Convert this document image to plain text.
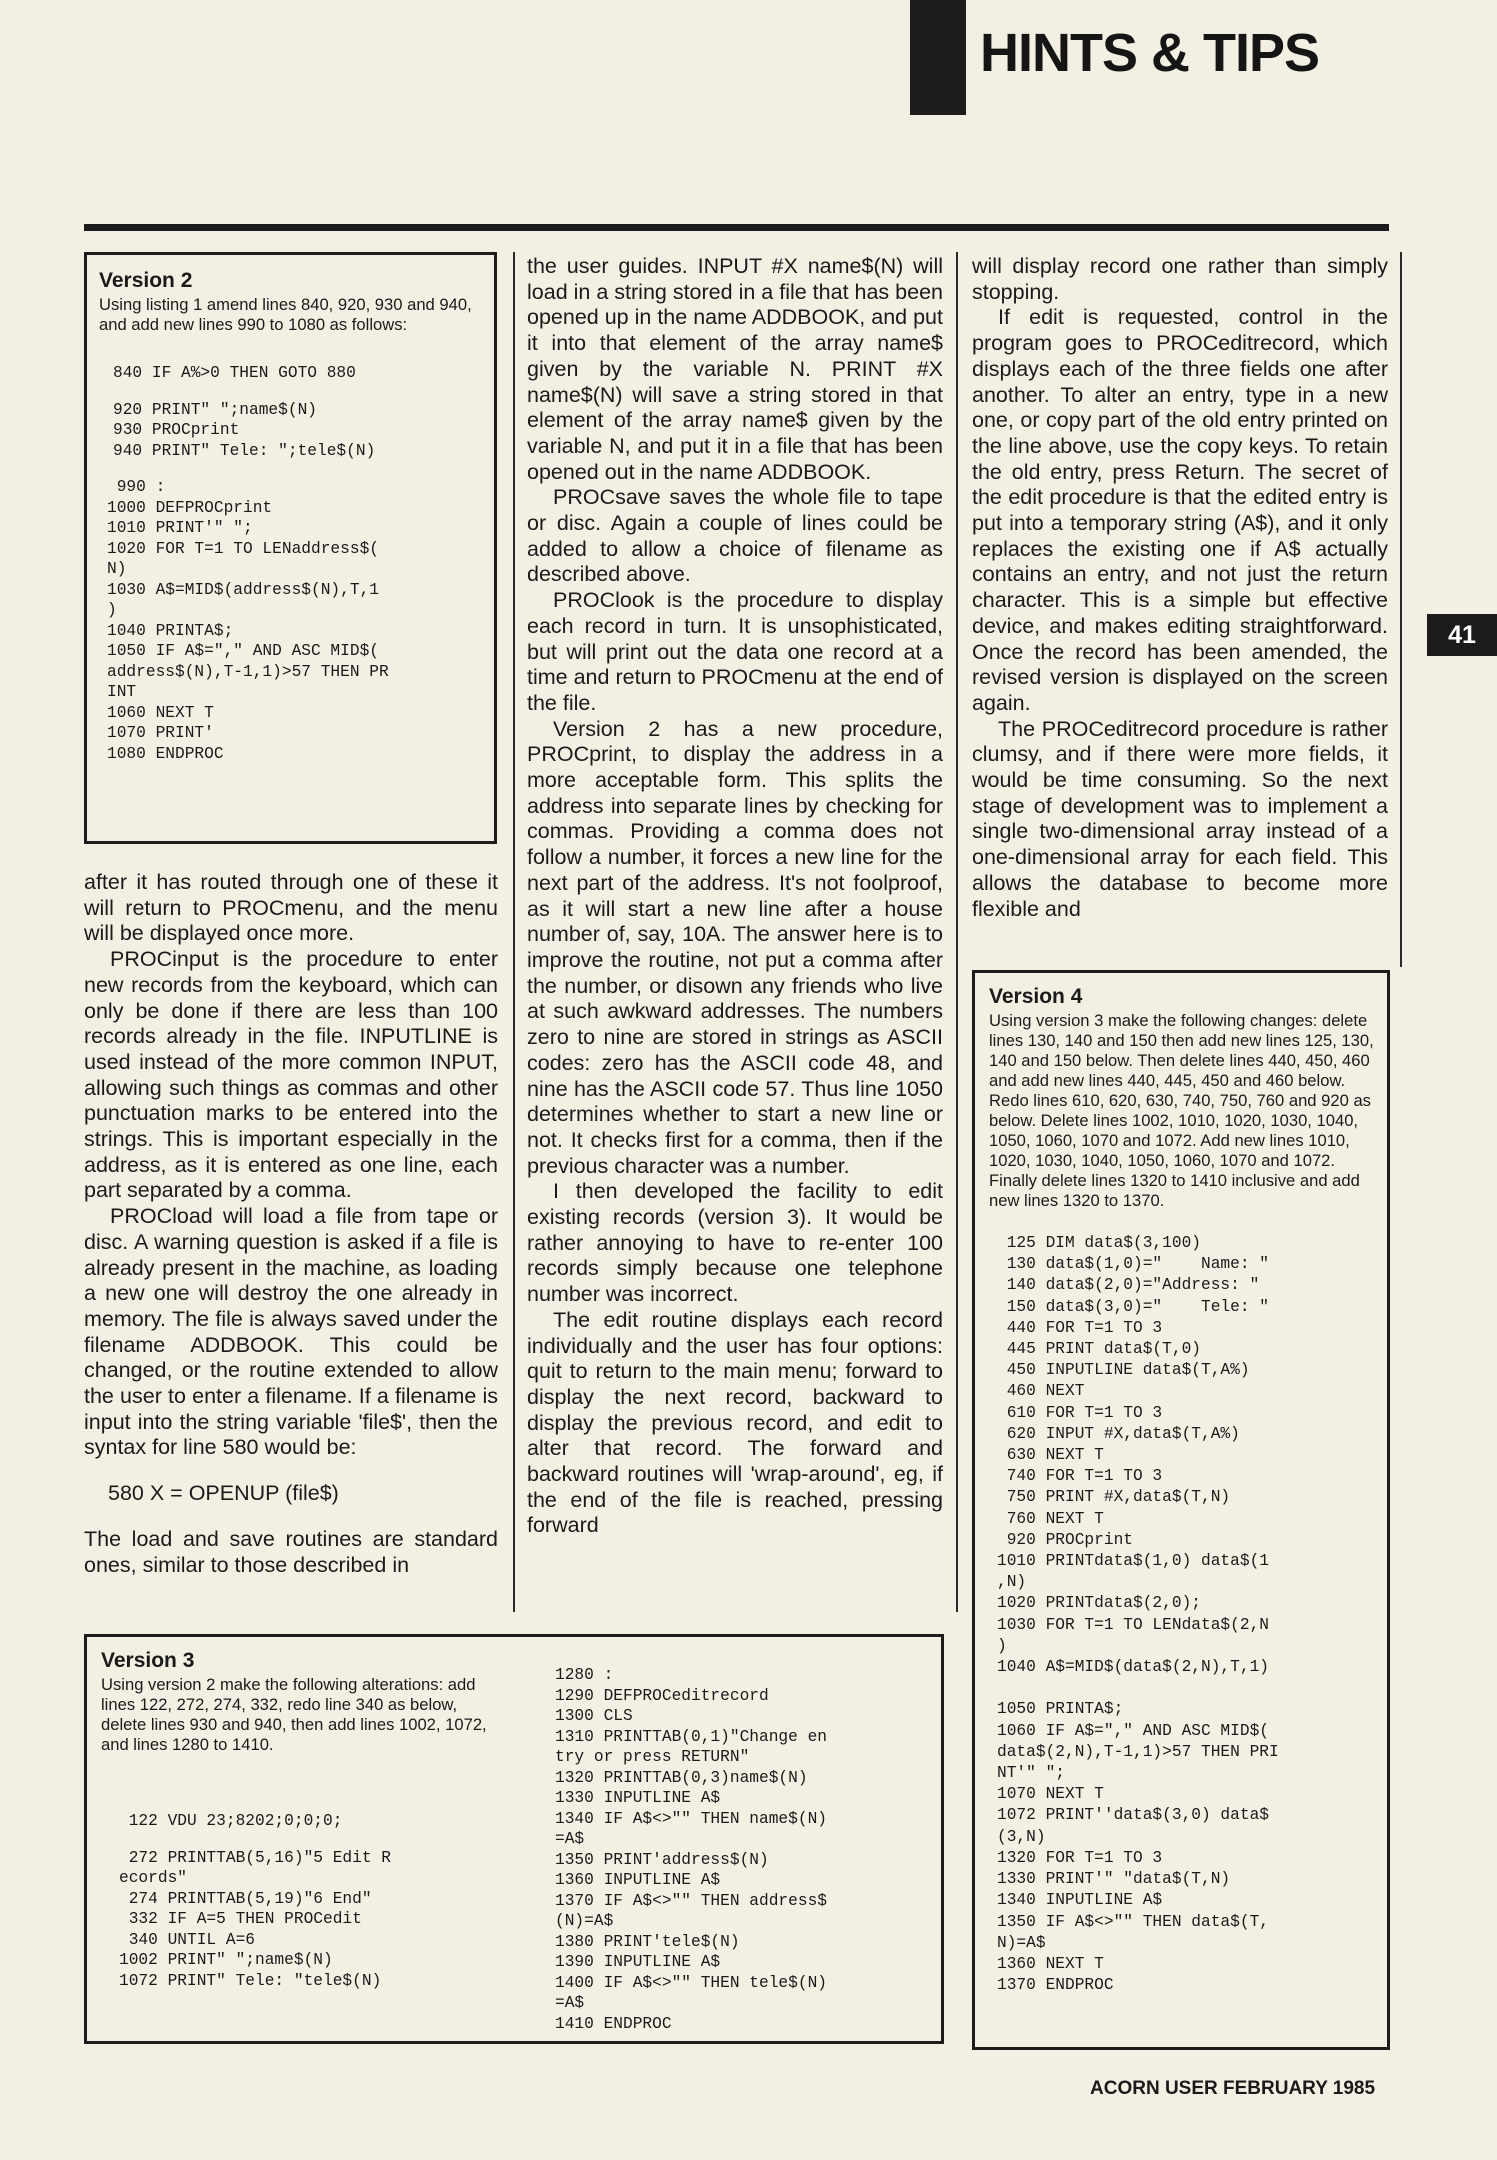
HINTS & TIPS
41
Version 2
Using listing 1 amend lines 840, 920, 930 and 940, and add new lines 990 to 1080 as follows:
840 IF A%>0 THEN GOTO 880
920 PRINT" ";name$(N)
930 PROCprint
940 PRINT" Tele: ";tele$(N)
990 :
1000 DEFPROCprint
1010 PRINT'" ";
1020 FOR T=1 TO LENaddress$(
N)
1030 A$=MID$(address$(N),T,1
)
1040 PRINTA$;
1050 IF A$="," AND ASC MID$(
address$(N),T-1,1)>57 THEN PR
INT
1060 NEXT T
1070 PRINT'
1080 ENDPROC

after it has routed through one of these it will return to PROCmenu, and the menu will be displayed once more.

PROCinput is the procedure to enter new records from the keyboard, which can only be done if there are less than 100 records already in the file. INPUTLINE is used instead of the more common INPUT, allowing such things as commas and other punctuation marks to be entered into the strings. This is important especially in the address, as it is entered as one line, each part separated by a comma.

PROCload will load a file from tape or disc. A warning question is asked if a file is already present in the machine, as loading a new one will destroy the one already in memory. The file is always saved under the filename ADDBOOK. This could be changed, or the routine extended to allow the user to enter a filename. If a filename is input into the string variable 'file$', then the syntax for line 580 would be:

580 X = OPENUP (file$)

The load and save routines are standard ones, similar to those described in

the user guides. INPUT #X name$(N) will load in a string stored in a file that has been opened up in the name ADDBOOK, and put it into that element of the array name$ given by the variable N. PRINT #X name$(N) will save a string stored in that element of the array name$ given by the variable N, and put it in a file that has been opened out in the name ADDBOOK.

PROCsave saves the whole file to tape or disc. Again a couple of lines could be added to allow a choice of filename as described above.

PROClook is the procedure to display each record in turn. It is unsophisticated, but will print out the data one record at a time and return to PROCmenu at the end of the file.

Version 2 has a new procedure, PROCprint, to display the address in a more acceptable form. This splits the address into separate lines by checking for commas. Providing a comma does not follow a number, it forces a new line for the next part of the address. It's not foolproof, as it will start a new line after a house number of, say, 10A. The answer here is to improve the routine, not put a comma after the number, or disown any friends who live at such awkward addresses. The numbers zero to nine are stored in strings as ASCII codes: zero has the ASCII code 48, and nine has the ASCII code 57. Thus line 1050 determines whether to start a new line or not. It checks first for a comma, then if the previous character was a number.

I then developed the facility to edit existing records (version 3). It would be rather annoying to have to re-enter 100 records simply because one telephone number was incorrect.

The edit routine displays each record individually and the user has four options: quit to return to the main menu; forward to display the next record, backward to display the previous record, and edit to alter that record. The forward and backward routines will 'wrap-around', eg, if the end of the file is reached, pressing forward

will display record one rather than simply stopping.

If edit is requested, control in the program goes to PROCeditrecord, which displays each of the three fields one after another. To alter an entry, type in a new one, or copy part of the old entry printed on the line above, use the copy keys. To retain the old entry, press Return. The secret of the edit procedure is that the edited entry is put into a temporary string (A$), and it only replaces the existing one if A$ actually contains an entry, and not just the return character. This is a simple but effective device, and makes editing straightforward. Once the record has been amended, the revised version is displayed on the screen again.

The PROCeditrecord procedure is rather clumsy, and if there were more fields, it would be time consuming. So the next stage of development was to implement a single two-dimensional array instead of a one-dimensional array for each field. This allows the database to become more flexible and

Version 3
Using version 2 make the following alterations: add lines 122, 272, 274, 332, redo line 340 as below, delete lines 930 and 940, then add lines 1002, 1072, and lines 1280 to 1410.
122 VDU 23;8202;0;0;0;
272 PRINTTAB(5,16)"5 Edit R
ecords"
274 PRINTTAB(5,19)"6 End"
332 IF A=5 THEN PROCedit
340 UNTIL A=6
1002 PRINT" ";name$(N)
1072 PRINT" Tele: "tele$(N)
1280 :
1290 DEFPROCeditrecord
1300 CLS
1310 PRINTTAB(0,1)"Change en
try or press RETURN"
1320 PRINTTAB(0,3)name$(N)
1330 INPUTLINE A$
1340 IF A$<>"" THEN name$(N)
=A$
1350 PRINT'address$(N)
1360 INPUTLINE A$
1370 IF A$<>"" THEN address$
(N)=A$
1380 PRINT'tele$(N)
1390 INPUTLINE A$
1400 IF A$<>"" THEN tele$(N)
=A$
1410 ENDPROC
Version 4
Using version 3 make the following changes: delete lines 130, 140 and 150 then add new lines 125, 130, 140 and 150 below. Then delete lines 440, 450, 460 and add new lines 440, 445, 450 and 460 below. Redo lines 610, 620, 630, 740, 750, 760 and 920 as below. Delete lines 1002, 1010, 1020, 1030, 1040, 1050, 1060, 1070 and 1072. Add new lines 1010, 1020, 1030, 1040, 1050, 1060, 1070 and 1072. Finally delete lines 1320 to 1410 inclusive and add new lines 1320 to 1370.
125 DIM data$(3,100)
130 data$(1,0)="    Name: "
140 data$(2,0)="Address: "
150 data$(3,0)="    Tele: "
440 FOR T=1 TO 3
445 PRINT data$(T,0)
450 INPUTLINE data$(T,A%)
460 NEXT
610 FOR T=1 TO 3
620 INPUT #X,data$(T,A%)
630 NEXT T
740 FOR T=1 TO 3
750 PRINT #X,data$(T,N)
760 NEXT T
920 PROCprint
1010 PRINTdata$(1,0) data$(1
,N)
1020 PRINTdata$(2,0);
1030 FOR T=1 TO LENdata$(2,N
)
1040 A$=MID$(data$(2,N),T,1)

1050 PRINTA$;
1060 IF A$="," AND ASC MID$(
data$(2,N),T-1,1)>57 THEN PRI
NT'" ";
1070 NEXT T
1072 PRINT''data$(3,0) data$
(3,N)
1320 FOR T=1 TO 3
1330 PRINT'" "data$(T,N)
1340 INPUTLINE A$
1350 IF A$<>"" THEN data$(T,
N)=A$
1360 NEXT T
1370 ENDPROC
ACORN USER FEBRUARY 1985
